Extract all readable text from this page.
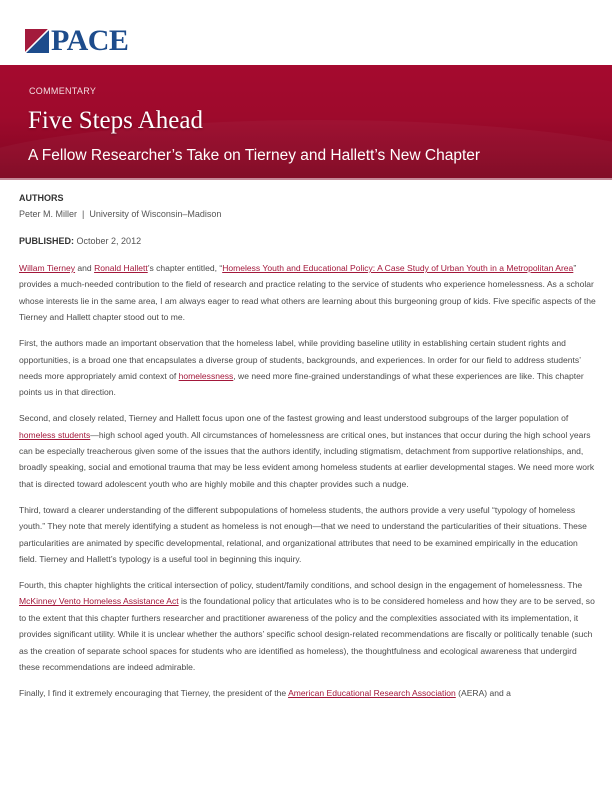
PACE
COMMENTARY
Five Steps Ahead
A Fellow Researcher’s Take on Tierney and Hallett’s New Chapter
AUTHORS
Peter M. Miller | University of Wisconsin–Madison
PUBLISHED: October 2, 2012

Willam Tierney and Ronald Hallett’s chapter entitled, “Homeless Youth and Educational Policy: A Case Study of Urban Youth in a Metropolitan Area” provides a much-needed contribution to the field of research and practice relating to the service of students who experience homelessness. As a scholar whose interests lie in the same area, I am always eager to read what others are learning about this burgeoning group of kids. Five specific aspects of the Tierney and Hallett chapter stood out to me.

First, the authors made an important observation that the homeless label, while providing baseline utility in establishing certain student rights and opportunities, is a broad one that encapsulates a diverse group of students, backgrounds, and experiences. In order for our field to address students’ needs more appropriately amid context of homelessness, we need more fine-grained understandings of what these experiences are like. This chapter points us in that direction.

Second, and closely related, Tierney and Hallett focus upon one of the fastest growing and least understood subgroups of the larger population of homeless students—high school aged youth. All circumstances of homelessness are critical ones, but instances that occur during the high school years can be especially treacherous given some of the issues that the authors identify, including stigmatism, detachment from supportive relationships, and, broadly speaking, social and emotional trauma that may be less evident among homeless students at earlier developmental stages. We need more work that is directed toward adolescent youth who are highly mobile and this chapter provides such a nudge.

Third, toward a clearer understanding of the different subpopulations of homeless students, the authors provide a very useful “typology of homeless youth.” They note that merely identifying a student as homeless is not enough—that we need to understand the particularities of their situations. These particularities are animated by specific developmental, relational, and organizational attributes that need to be examined empirically in the education field. Tierney and Hallett’s typology is a useful tool in beginning this inquiry.

Fourth, this chapter highlights the critical intersection of policy, student/family conditions, and school design in the engagement of homelessness. The McKinney Vento Homeless Assistance Act is the foundational policy that articulates who is to be considered homeless and how they are to be served, so to the extent that this chapter furthers researcher and practitioner awareness of the policy and the complexities associated with its implementation, it provides significant utility. While it is unclear whether the authors’ specific school design-related recommendations are fiscally or politically tenable (such as the creation of separate school spaces for students who are identified as homeless), the thoughtfulness and ecological awareness that undergird these recommendations are indeed admirable.

Finally, I find it extremely encouraging that Tierney, the president of the American Educational Research Association (AERA) and a
